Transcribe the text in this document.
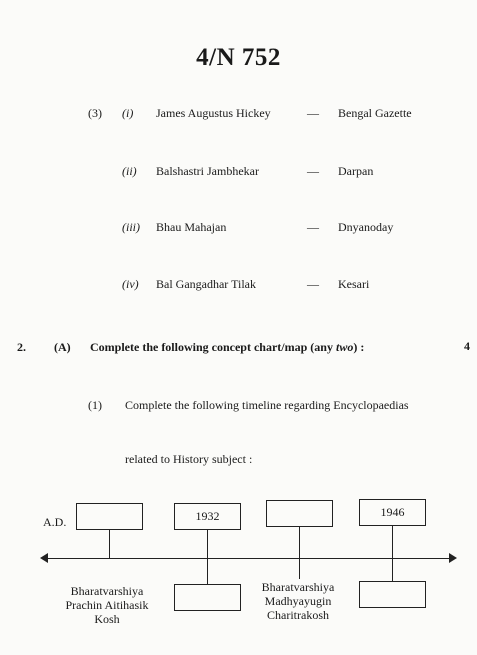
4/N 752
(3) (i) James Augustus Hickey	— Bengal Gazette
(ii) Balshastri Jambhekar	— Darpan
(iii) Bhau Mahajan	— Dnyanoday
(iv) Bal Gangadhar Tilak	— Kesari
2. (A) Complete the following concept chart/map (any two) :	4
(1) Complete the following timeline regarding Encyclopaedias
related to History subject :
A.D.	1932	1946
Bharatvarshiya
Prachin Aitihasik
Kosh
Bharatvarshiya
Madhyayugin
Charitrakosh
